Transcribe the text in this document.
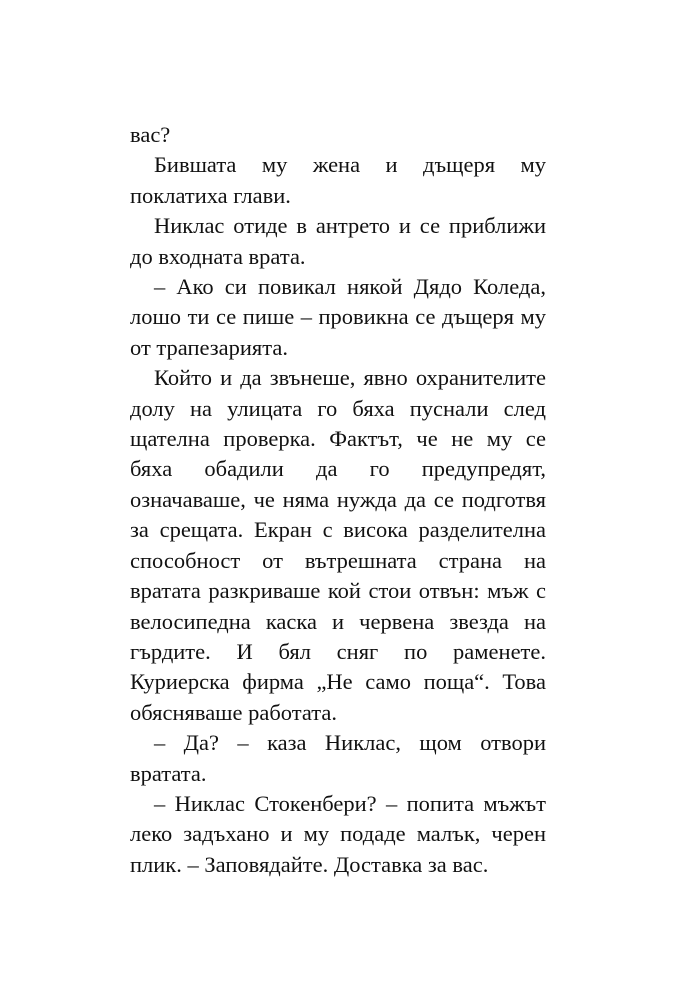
вас?

Бившата му жена и дъщеря му поклатиха глави.

Никлас отиде в антрето и се приближи до входната врата.

– Ако си повикал някой Дядо Коледа, лошо ти се пише – провикна се дъщеря му от трапезарията.

Който и да звънеше, явно охранителите долу на улицата го бяха пуснали след щателна проверка. Фактът, че не му се бяха обадили да го предупредят, означаваше, че няма нужда да се подготвя за срещата. Екран с висока разделителна способност от вътрешната страна на вратата разкриваше кой стои отвън: мъж с велосипедна каска и червена звезда на гърдите. И бял сняг по раменете. Куриерска фирма „Не само поща“. Това обясняваше работата.

– Да? – каза Никлас, щом отвори вратата.

– Никлас Стокенбери? – попита мъжът леко задъхано и му подаде малък, черен плик. – Заповядайте. Доставка за вас.
